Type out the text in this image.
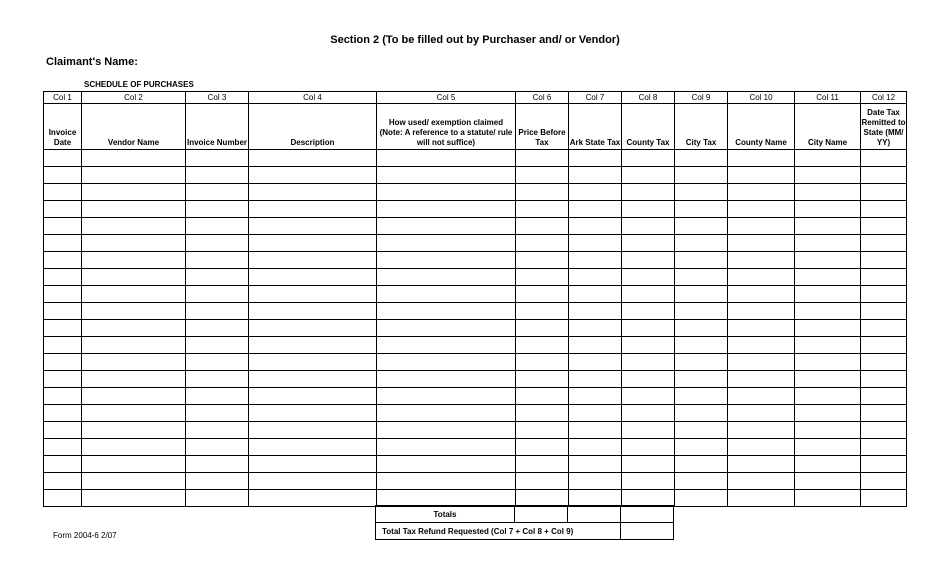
Section 2 (To be filled out by Purchaser and/ or Vendor)
Claimant's Name:
SCHEDULE OF PURCHASES
Col 1	Col 2	Col 3	Col 4	Col 5	Col 6	Col 7	Col 8	Col 9	Col 10	Col 11	Col 12

Invoice Date	Vendor Name	Invoice Number	Description	How used/ exemption claimed (Note: A reference to a statute/ rule will not suffice)	Price Before Tax	Ark State Tax	County Tax	City Tax	County Name	City Name	Date Tax Remitted to State (MM/ YY)

Totals			
Total Tax Refund Requested (Col 7 + Col 8 + Col 9)			
Form 2004-6 2/07
